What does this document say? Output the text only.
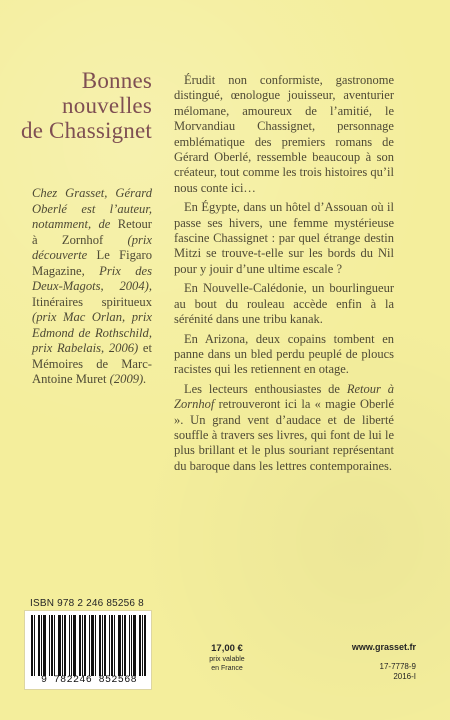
Bonnes
nouvelles
de Chassignet
Chez Grasset, Gérard Oberlé est l’auteur, notamment, de Retour à Zornhof (prix découverte Le Figaro Magazine, Prix des Deux-Magots, 2004), Itinéraires spiritueux (prix Mac Orlan, prix Edmond de Rothschild, prix Rabelais, 2006) et Mémoires de Marc-Antoine Muret (2009).

Érudit non conformiste, gastronome distingué, œnologue jouisseur, aventurier mélomane, amoureux de l’amitié, le Morvandiau Chassignet, personnage emblématique des premiers romans de Gérard Oberlé, ressemble beaucoup à son créateur, tout comme les trois histoires qu’il nous conte ici…

En Égypte, dans un hôtel d’Assouan où il passe ses hivers, une femme mystérieuse fascine Chassignet : par quel étrange destin Mitzi se trouve-t-elle sur les bords du Nil pour y jouir d’une ultime escale ?

En Nouvelle-Calédonie, un bourlingueur au bout du rouleau accède enfin à la sérénité dans une tribu kanak.

En Arizona, deux copains tombent en panne dans un bled perdu peuplé de ploucs racistes qui les retiennent en otage.

Les lecteurs enthousiastes de Retour à Zornhof retrouveront ici la « magie Oberlé ». Un grand vent d’audace et de liberté souffle à travers ses livres, qui font de lui le plus brillant et le plus souriant représentant du baroque dans les lettres contemporaines.

ISBN 978 2 246 85256 8
9 782246 852568
17,00 €
prix valable
en France
www.grasset.fr
17-7778-9
2016-I
